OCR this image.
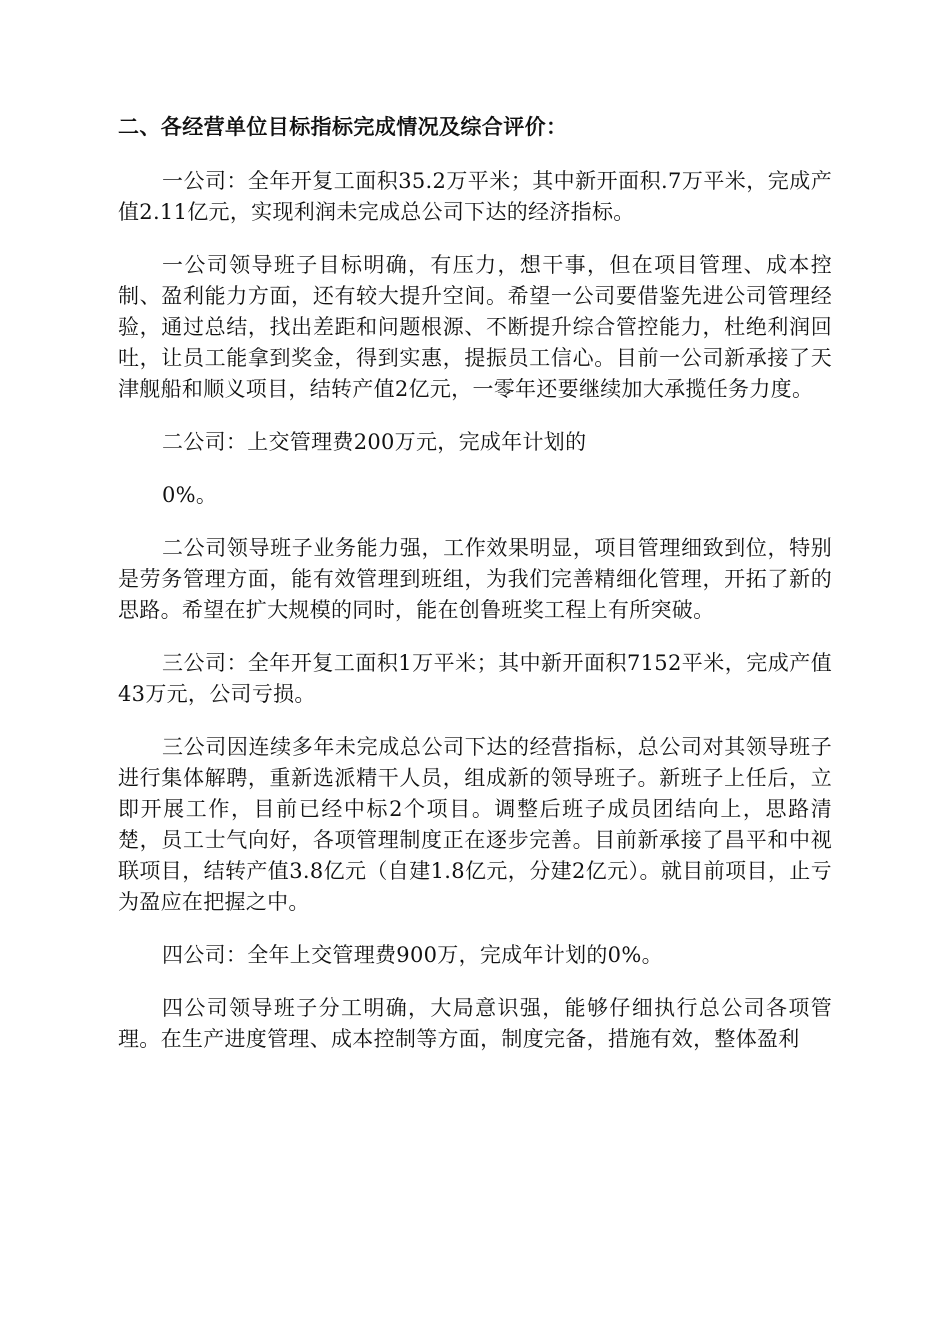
二、各经营单位目标指标完成情况及综合评价：

一公司：全年开复工面积35.2万平米；其中新开面积.7万平米，完成产值2.11亿元，实现利润未完成总公司下达的经济指标。

一公司领导班子目标明确，有压力，想干事，但在项目管理、成本控制、盈利能力方面，还有较大提升空间。希望一公司要借鉴先进公司管理经验，通过总结，找出差距和问题根源、不断提升综合管控能力，杜绝利润回吐，让员工能拿到奖金，得到实惠，提振员工信心。目前一公司新承接了天津舰船和顺义项目，结转产值2亿元，一零年还要继续加大承揽任务力度。

二公司：上交管理费200万元，完成年计划的

0%。

二公司领导班子业务能力强，工作效果明显，项目管理细致到位，特别是劳务管理方面，能有效管理到班组，为我们完善精细化管理，开拓了新的思路。希望在扩大规模的同时，能在创鲁班奖工程上有所突破。

三公司：全年开复工面积1万平米；其中新开面积7152平米，完成产值43万元，公司亏损。

三公司因连续多年未完成总公司下达的经营指标，总公司对其领导班子进行集体解聘，重新选派精干人员，组成新的领导班子。新班子上任后，立即开展工作，目前已经中标2个项目。调整后班子成员团结向上，思路清楚，员工士气向好，各项管理制度正在逐步完善。目前新承接了昌平和中视联项目，结转产值3.8亿元（自建1.8亿元，分建2亿元）。就目前项目，止亏为盈应在把握之中。

四公司：全年上交管理费900万，完成年计划的0%。

四公司领导班子分工明确，大局意识强，能够仔细执行总公司各项管理。在生产进度管理、成本控制等方面，制度完备，措施有效，整体盈利
